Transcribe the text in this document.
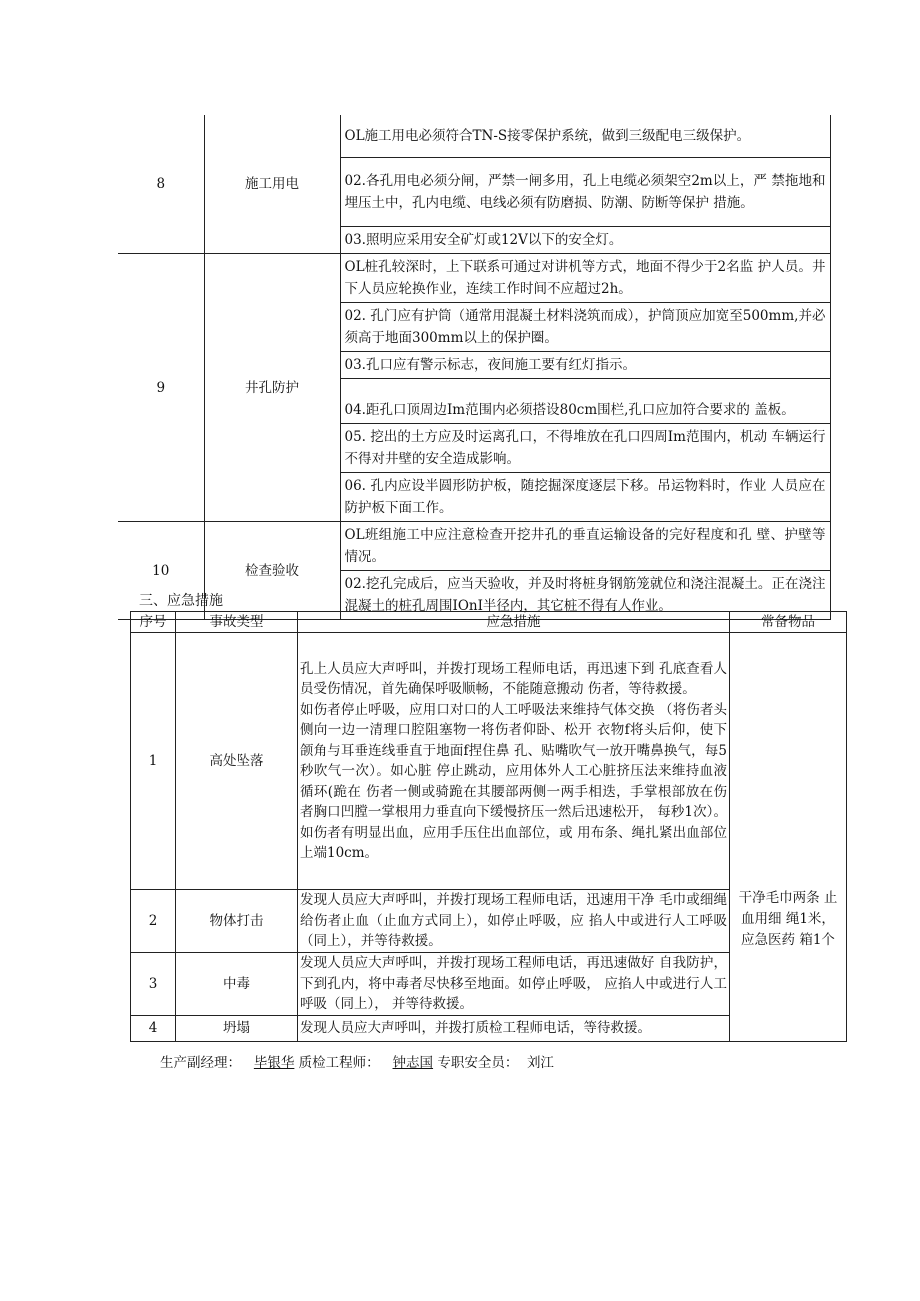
8	施工用电	OL施工用电必须符合TN-S接零保护系统，做到三级配电三级保护。
		02.各孔用电必须分闸，严禁一闸多用，孔上电缆必须架空2m以上，严 禁拖地和埋压土中，孔内电缆、电线必须有防磨损、防潮、防断等保护 措施。
		03.照明应采用安全矿灯或12V以下的安全灯。
9	井孔防护	OL桩孔较深时，上下联系可通过对讲机等方式，地面不得少于2名监 护人员。井下人员应轮换作业，连续工作时间不应超过2h。
		02. 孔门应有护筒（通常用混凝土材料浇筑而成），护筒顶应加宽至500mm,并必须高于地面300mm以上的保护圈。
		03.孔口应有警示标志，夜间施工要有红灯指示。
		04.距孔口顶周边Im范围内必须搭设80cm围栏,孔口应加符合要求的 盖板。
		05. 挖出的土方应及时运离孔口，不得堆放在孔口四周Im范围内，机动 车辆运行不得对井壁的安全造成影响。
		06. 孔内应设半圆形防护板，随挖掘深度逐层下移。吊运物料时，作业 人员应在防护板下面工作。
10	检查验收	OL班组施工中应注意检查开挖井孔的垂直运输设备的完好程度和孔 壁、护壁等情况。
		02.挖孔完成后，应当天验收，并及时将桩身钢筋笼就位和浇注混凝土。正在浇注混凝土的桩孔周围IOnI半径内，其它桩不得有人作业。
三、应急措施
序号	事故类型	应急措施	常备物品
1	高处坠落	孔上人员应大声呼叫，并拨打现场工程师电话，再迅速下到 孔底查看人员受伤情况，首先确保呼吸顺畅，不能随意搬动 伤者，等待救援。
如伤者停止呼吸，应用口对口的人工呼吸法来维持气体交换 （将伤者头侧向一边一清理口腔阻塞物一将伤者仰卧、松开 衣物f将头后仰，使下颌角与耳垂连线垂直于地面f捏住鼻 孔、贴嘴吹气一放开嘴鼻换气，每5秒吹气一次）。如心脏 停止跳动，应用体外人工心脏挤压法来维持血液循环(跪在 伤者一侧或骑跪在其腰部两侧一两手相迭，手掌根部放在伤 者胸口凹膛一掌根用力垂直向下缓慢挤压一然后迅速松开， 每秒1次）。如伤者有明显出血，应用手压住出血部位，或 用布条、绳扎紧出血部位上端10cm。	干净毛巾两条 止血用细 绳1米， 应急医药 箱1个
2	物体打击	发现人员应大声呼叫，并拨打现场工程师电话，迅速用干净 毛巾或细绳给伤者止血（止血方式同上），如停止呼吸，应 掐人中或进行人工呼吸（同上），并等待救援。	
3	中毒	发现人员应大声呼叫，并拨打现场工程师电话，再迅速做好 自我防护，下到孔内，将中毒者尽快移至地面。如停止呼吸， 应掐人中或进行人工呼吸（同上）， 并等待救援。	
4	坍塌	发现人员应大声呼叫，并拨打质检工程师电话，等待救援。	
生产副经理： 毕银华 质检工程师： 钟志国 专职安全员： 刘江
